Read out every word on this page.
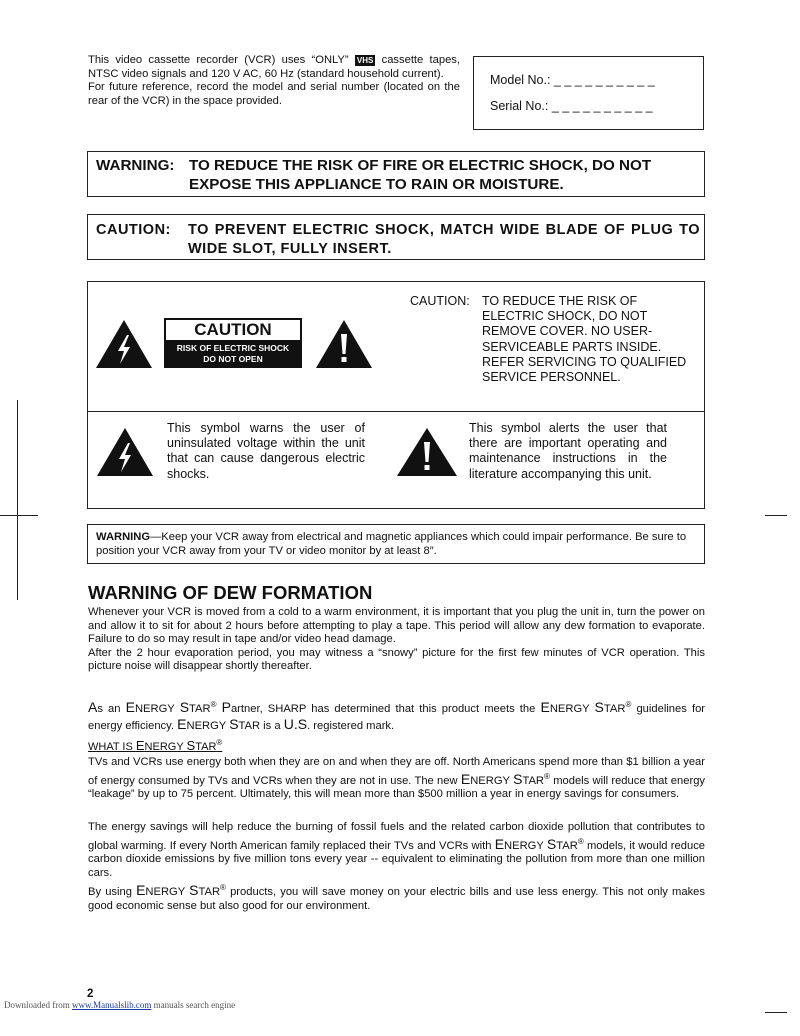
This video cassette recorder (VCR) uses “ONLY” VHS cassette tapes, NTSC video signals and 120 V AC, 60 Hz (standard household current).

For future reference, record the model and serial number (located on the rear of the VCR) in the space provided.

Model No.: _ _ _ _ _ _ _ _ _ _
Serial No.: _ _ _ _ _ _ _ _ _ _
WARNING: TO REDUCE THE RISK OF FIRE OR ELECTRIC SHOCK, DO NOT EXPOSE THIS APPLIANCE TO RAIN OR MOISTURE.
CAUTION: TO PREVENT ELECTRIC SHOCK, MATCH WIDE BLADE OF PLUG TO WIDE SLOT, FULLY INSERT.
CAUTION
RISK OF ELECTRIC SHOCK
DO NOT OPEN
CAUTION: TO REDUCE THE RISK OF ELECTRIC SHOCK, DO NOT REMOVE COVER. NO USER-SERVICEABLE PARTS INSIDE. REFER SERVICING TO QUALIFIED SERVICE PERSONNEL.
This symbol warns the user of uninsulated voltage within the unit that can cause dangerous electric shocks.
This symbol alerts the user that there are important operating and maintenance instructions in the literature accompanying this unit.
WARNING—Keep your VCR away from electrical and magnetic appliances which could impair performance. Be sure to position your VCR away from your TV or video monitor by at least 8″.
WARNING OF DEW FORMATION
Whenever your VCR is moved from a cold to a warm environment, it is important that you plug the unit in, turn the power on and allow it to sit for about 2 hours before attempting to play a tape. This period will allow any dew formation to evaporate. Failure to do so may result in tape and/or video head damage.
After the 2 hour evaporation period, you may witness a “snowy” picture for the first few minutes of VCR operation. This picture noise will disappear shortly thereafter.
As an ENERGY STAR® Partner, SHARP has determined that this product meets the ENERGY STAR® guidelines for energy efficiency. ENERGY STAR is a U.S. registered mark.
WHAT IS ENERGY STAR®
TVs and VCRs use energy both when they are on and when they are off. North Americans spend more than $1 billion a year of energy consumed by TVs and VCRs when they are not in use. The new ENERGY STAR® models will reduce that energy “leakage” by up to 75 percent. Ultimately, this will mean more than $500 million a year in energy savings for consumers.
The energy savings will help reduce the burning of fossil fuels and the related carbon dioxide pollution that contributes to global warming. If every North American family replaced their TVs and VCRs with ENERGY STAR® models, it would reduce carbon dioxide emissions by five million tons every year -- equivalent to eliminating the pollution from more than one million cars.
By using ENERGY STAR® products, you will save money on your electric bills and use less energy. This not only makes good economic sense but also good for our environment.
2
Downloaded from www.Manualslib.com manuals search engine
